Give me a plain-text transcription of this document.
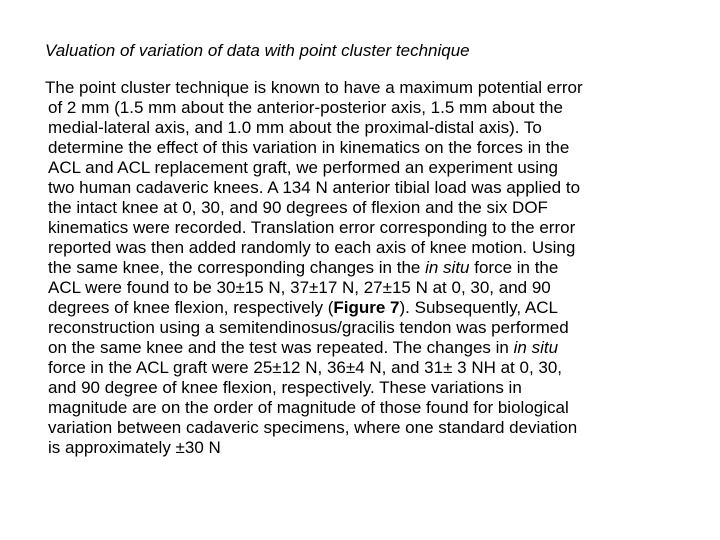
Valuation of variation of data with point cluster technique

The point cluster technique is known to have a maximum potential error
of 2 mm (1.5 mm about the anterior-posterior axis, 1.5 mm about the
medial-lateral axis, and 1.0 mm about the proximal-distal axis). To
determine the effect of this variation in kinematics on the forces in the
ACL and ACL replacement graft, we performed an experiment using
two human cadaveric knees. A 134 N anterior tibial load was applied to
the intact knee at 0, 30, and 90 degrees of flexion and the six DOF
kinematics were recorded. Translation error corresponding to the error
reported was then added randomly to each axis of knee motion. Using
the same knee, the corresponding changes in the in situ force in the
ACL were found to be 30±15 N, 37±17 N, 27±15 N at 0, 30, and 90
degrees of knee flexion, respectively (Figure 7). Subsequently, ACL
reconstruction using a semitendinosus/gracilis tendon was performed
on the same knee and the test was repeated. The changes in in situ
force in the ACL graft were 25±12 N, 36±4 N, and 31± 3 NH at 0, 30,
and 90 degree of knee flexion, respectively. These variations in
magnitude are on the order of magnitude of those found for biological
variation between cadaveric specimens, where one standard deviation
is approximately ±30 N
